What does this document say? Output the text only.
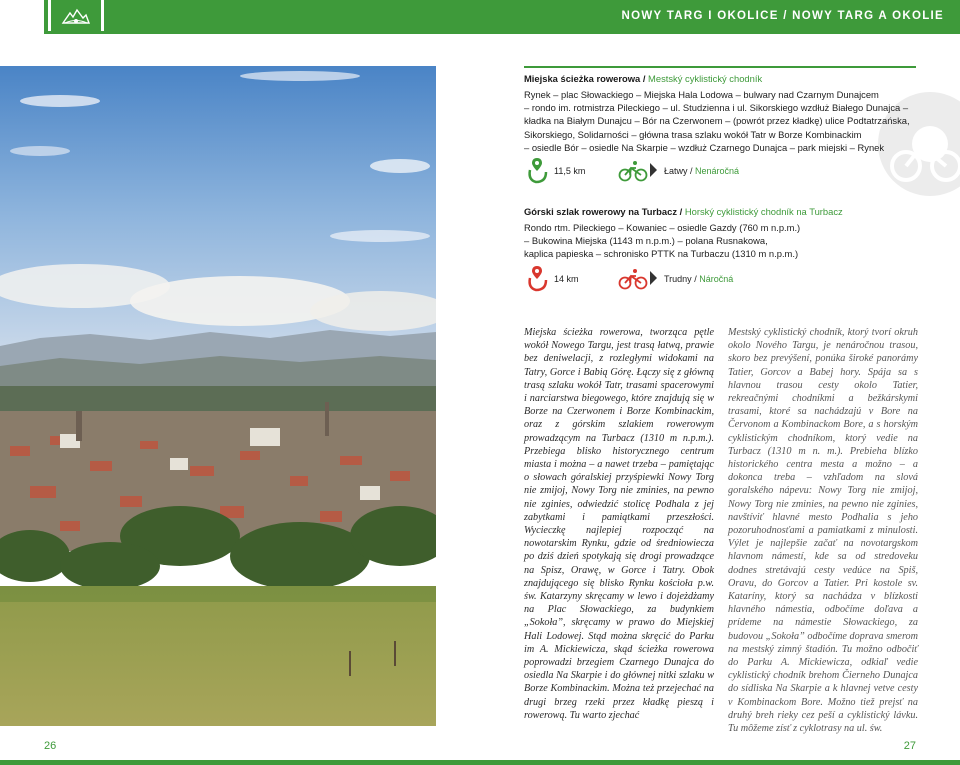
NOWY TARG I OKOLICE / NOWY TARG A OKOLIE
26	27
Miejska ścieżka rowerowa / Mestský cyklistický chodník

Rynek – plac Słowackiego – Miejska Hala Lodowa – bulwary nad Czarnym Dunajcem

– rondo im. rotmistrza Pileckiego – ul. Studzienna i ul. Sikorskiego wzdłuż Białego Dunajca –

kładka na Białym Dunajcu – Bór na Czerwonem – (powrót przez kładkę) ulice Podtatrzańska,

Sikorskiego, Solidarności – główna trasa szlaku wokół Tatr w Borze Kombinackim

– osiedle Bór – osiedle Na Skarpie – wzdłuż Czarnego Dunajca – park miejski – Rynek

11,5 km	Łatwy / Nenáročná
Górski szlak rowerowy na Turbacz / Horský cyklistický chodník na Turbacz

Rondo rtm. Pileckiego – Kowaniec – osiedle Gazdy (760 m n.p.m.)

– Bukowina Miejska (1143 m n.p.m.) – polana Rusnakowa,

kaplica papieska – schronisko PTTK na Turbaczu (1310 m n.p.m.)

14 km	Trudny / Náročná

Miejska ścieżka rowerowa, tworząca pętle wokół Nowego Targu, jest trasą łatwą, prawie bez deniwelacji, z rozległymi widokami na Tatry, Gorce i Babią Górę. Łączy się z główną trasą szlaku wokół Tatr, trasami spacerowymi i narciarstwa biegowego, które znajdują się w Borze na Czerwonem i Borze Kombinackim, oraz z górskim szlakiem rowerowym prowadzącym na Turbacz (1310 m n.p.m.). Przebiega blisko historycznego centrum miasta i można – a nawet trzeba – pamiętając o słowach góralskiej przyśpiewki Nowy Torg nie zmijoj, Nowy Torg nie zminies, na pewno nie zginies, odwiedzić stolicę Podhala z jej zabytkami i pamiątkami przeszłości. Wycieczkę najlepiej rozpocząć na nowotarskim Rynku, gdzie od średniowiecza po dziś dzień spotykają się drogi prowadzące na Spisz, Orawę, w Gorce i Tatry. Obok znajdującego się blisko Rynku kościoła p.w. św. Katarzyny skręcamy w lewo i dojeżdżamy na Plac Słowackiego, za budynkiem „Sokoła”, skręcamy w prawo do Miejskiej Hali Lodowej. Stąd można skręcić do Parku im A. Mickiewicza, skąd ścieżka rowerowa poprowadzi brzegiem Czarnego Dunajca do osiedla Na Skarpie i do głównej nitki szlaku w Borze Kombinackim. Można też przejechać na drugi brzeg rzeki przez kładkę pieszą i rowerową. Tu warto zjechać

Mestský cyklistický chodník, ktorý tvorí okruh okolo Nového Targu, je nenáročnou trasou, skoro bez prevýšení, ponúka široké panorámy Tatier, Gorcov a Babej hory. Spája sa s hlavnou trasou cesty okolo Tatier, rekreačnými chodníkmi a bežkárskymi trasami, ktoré sa nachádzajú v Bore na Červonom a Kombinackom Bore, a s horským cyklistickým chodníkom, ktorý vedie na Turbacz (1310 m n. m.). Prebieha blízko historického centra mesta a možno – a dokonca treba – vzhľadom na slová goralského nápevu: Nowy Torg nie zmijoj, Nowy Torg nie zminies, na pewno nie zginies, navštíviť hlavné mesto Podhalia s jeho pozoruhodnosťami a pamiatkami z minulosti. Výlet je najlepšie začať na novotargskom hlavnom námestí, kde sa od stredoveku dodnes stretávajú cesty vedúce na Spiš, Oravu, do Gorcov a Tatier. Pri kostole sv. Kataríny, ktorý sa nachádza v blízkosti hlavného námestia, odbočíme doľava a prídeme na námestie Słowackiego, za budovou „Sokoła” odbočíme doprava smerom na mestský zimný štadión. Tu možno odbočiť do Parku A. Mickiewicza, odkiaľ vedie cyklistický chodník brehom Čierneho Dunajca do sídliska Na Skarpie a k hlavnej vetve cesty v Kombinackom Bore. Možno tiež prejsť na druhý breh rieky cez peší a cyklistický lávku. Tu môžeme zísť z cyklotrasy na ul. św.
